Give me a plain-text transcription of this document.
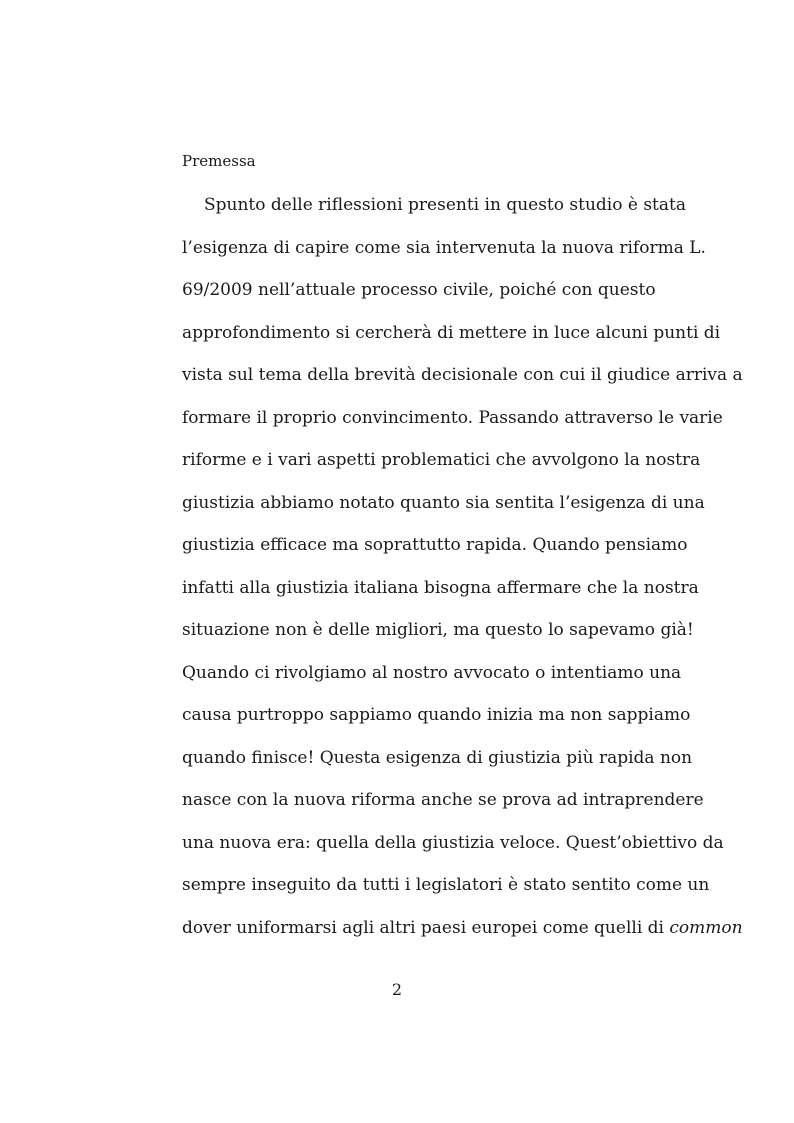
Premessa
Spunto delle riflessioni presenti in questo studio è stata
l’esigenza di capire come sia intervenuta la nuova riforma L.
69/2009 nell’attuale processo civile, poiché con questo
approfondimento si cercherà di mettere in luce alcuni punti di
vista sul tema della brevità decisionale con cui il giudice arriva a
formare il proprio convincimento. Passando attraverso le varie
riforme e i vari aspetti problematici che avvolgono la nostra
giustizia abbiamo notato quanto sia sentita l’esigenza di una
giustizia efficace ma soprattutto rapida. Quando pensiamo
infatti alla giustizia italiana bisogna affermare che la nostra
situazione non è delle migliori, ma questo lo sapevamo già!
Quando ci rivolgiamo al nostro avvocato o intentiamo una
causa purtroppo sappiamo quando inizia ma non sappiamo
quando finisce! Questa esigenza di giustizia più rapida non
nasce con la nuova riforma anche se prova ad intraprendere
una nuova era: quella della giustizia veloce. Quest’obiettivo da
sempre inseguito da tutti i legislatori è stato sentito come un
dover uniformarsi agli altri paesi europei come quelli di common
2
